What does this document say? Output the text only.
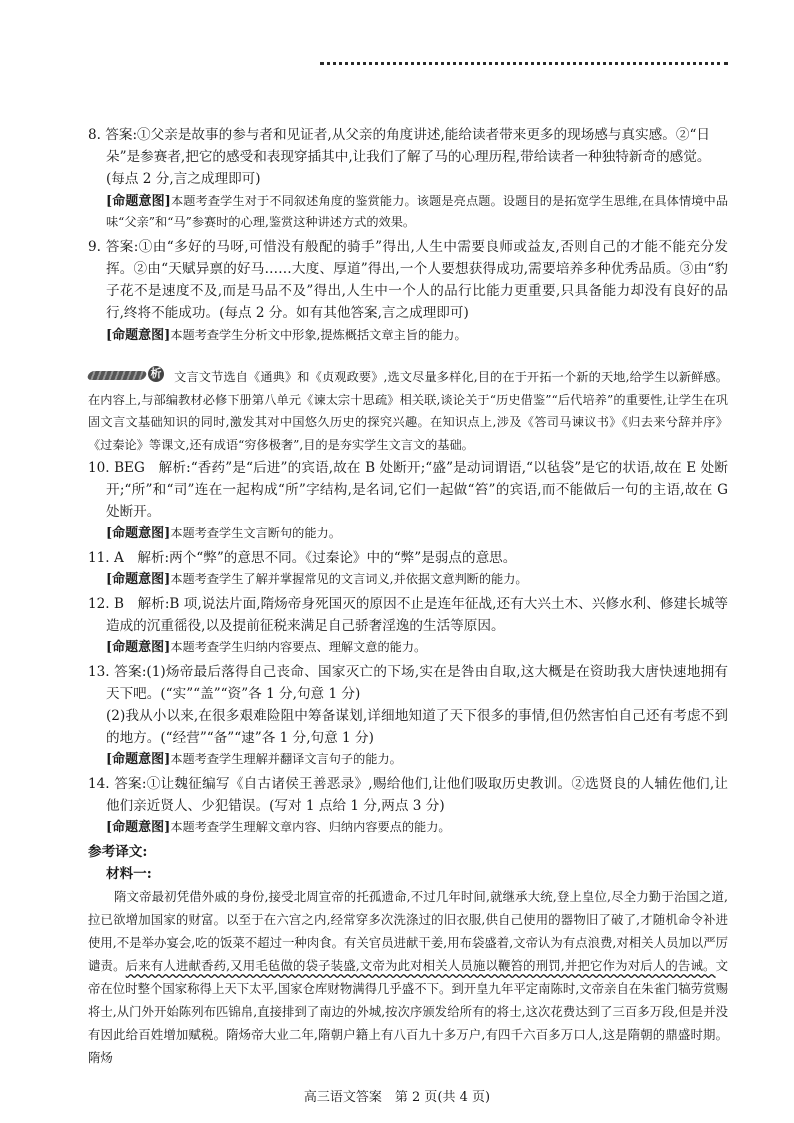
8. 答案:①父亲是故事的参与者和见证者,从父亲的角度讲述,能给读者带来更多的现场感与真实感。②“日

朵”是参赛者,把它的感受和表现穿插其中,让我们了解了马的心理历程,带给读者一种独特新奇的感觉。

(每点 2 分,言之成理即可)

[命题意图]本题考查学生对于不同叙述角度的鉴赏能力。该题是亮点题。设题目的是拓宽学生思维,在具体情境中品味“父亲”和“马”参赛时的心理,鉴赏这种讲述方式的效果。

9. 答案:①由“多好的马呀,可惜没有般配的骑手”得出,人生中需要良师或益友,否则自己的才能不能充分发挥。②由“天赋异禀的好马……大度、厚道”得出,一个人要想获得成功,需要培养多种优秀品质。③由“豹子花不是速度不及,而是马品不及”得出,人生中一个人的品行比能力更重要,只具备能力却没有良好的品行,终将不能成功。(每点 2 分。如有其他答案,言之成理即可)

[命题意图]本题考查学生分析文中形象,提炼概括文章主旨的能力。

析 文言文节选自《通典》和《贞观政要》,选文尽量多样化,目的在于开拓一个新的天地,给学生以新鲜感。在内容上,与部编教材必修下册第八单元《谏太宗十思疏》相关联,谈论关于“历史借鉴”“后代培养”的重要性,让学生在巩固文言文基础知识的同时,激发其对中国悠久历史的探究兴趣。在知识点上,涉及《答司马谏议书》《归去来兮辞并序》《过秦论》等课文,还有成语“穷侈极奢”,目的是夯实学生文言文的基础。

10. BEG　解析:“香药”是“后进”的宾语,故在 B 处断开;“盛”是动词谓语,“以毡袋”是它的状语,故在 E 处断开;“所”和“司”连在一起构成“所”字结构,是名词,它们一起做“笞”的宾语,而不能做后一句的主语,故在 G 处断开。

[命题意图]本题考查学生文言断句的能力。

11. A　解析:两个“弊”的意思不同。《过秦论》中的“弊”是弱点的意思。

[命题意图]本题考查学生了解并掌握常见的文言词义,并依据文意判断的能力。

12. B　解析:B 项,说法片面,隋炀帝身死国灭的原因不止是连年征战,还有大兴土木、兴修水利、修建长城等造成的沉重徭役,以及提前征税来满足自己骄奢淫逸的生活等原因。

[命题意图]本题考查学生归纳内容要点、理解文意的能力。

13. 答案:(1)炀帝最后落得自己丧命、国家灭亡的下场,实在是咎由自取,这大概是在资助我大唐快速地拥有天下吧。(“实”“盖”“资”各 1 分,句意 1 分)

(2)我从小以来,在很多艰难险阻中筹备谋划,详细地知道了天下很多的事情,但仍然害怕自己还有考虑不到的地方。(“经营”“备”“逮”各 1 分,句意 1 分)

[命题意图]本题考查学生理解并翻译文言句子的能力。

14. 答案:①让魏征编写《自古诸侯王善恶录》,赐给他们,让他们吸取历史教训。②选贤良的人辅佐他们,让他们亲近贤人、少犯错误。(写对 1 点给 1 分,两点 3 分)

[命题意图]本题考查学生理解文章内容、归纳内容要点的能力。

参考译文:

材料一:

隋文帝最初凭借外戚的身份,接受北周宣帝的托孤遗命,不过几年时间,就继承大统,登上皇位,尽全力勤于治国之道,拉已欲增加国家的财富。以至于在六宫之内,经常穿多次洗涤过的旧衣服,供自己使用的器物旧了破了,才随机命令补进使用,不是举办宴会,吃的饭菜不超过一种肉食。有关官员进献干姜,用布袋盛着,文帝认为有点浪费,对相关人员加以严厉谴责。后来有人进献香药,又用毛毡做的袋子装盛,文帝为此对相关人员施以鞭笞的刑罚,并把它作为对后人的告诫。文帝在位时整个国家称得上天下太平,国家仓库财物满得几乎盛不下。到开皇九年平定南陈时,文帝亲自在朱雀门犒劳赏赐将士,从门外开始陈列布匹锦帛,直接排到了南边的外城,按次序颁发给所有的将士,这次花费达到了三百多万段,但是并没有因此给百姓增加赋税。隋炀帝大业二年,隋朝户籍上有八百九十多万户,有四千六百多万口人,这是隋朝的鼎盛时期。隋炀

高三语文答案　第 2 页(共 4 页)
